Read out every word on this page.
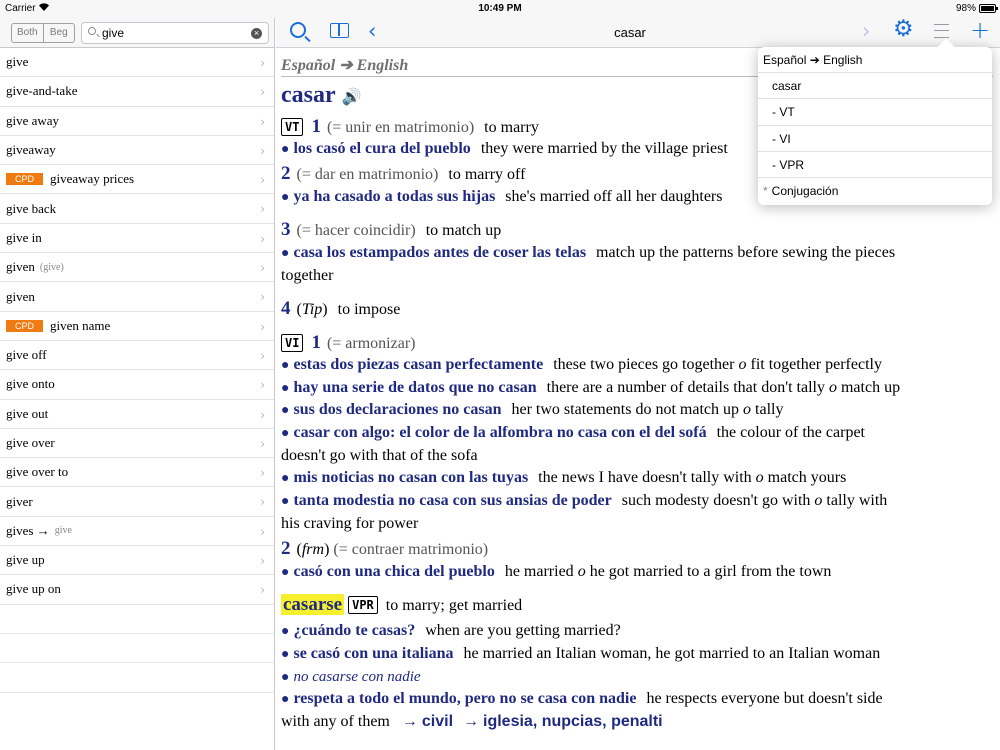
Carrier	10:49 PM	98%
Both	Beg
give	×
give	›
give-and-take	›
give away	›
giveaway	›
CPD	giveaway prices	›
give back	›
give in	›
given (give)	›
given	›
CPD	given name	›
give off	›
give onto	›
give out	›
give over	›
give over to	›
giver	›
gives → give	›
give up	›
give up on	›
‹	casar	› ⚙ +
Español ➔ English
casar 🔊
VT 1 (= unir en matrimonio) to marry
● los casó el cura del pueblo they were married by the village priest
2 (= dar en matrimonio) to marry off
● ya ha casado a todas sus hijas she's married off all her daughters
3 (= hacer coincidir) to match up
● casa los estampados antes de coser las telas match up the patterns before sewing the pieces
together
4 (Tip) to impose
VI 1 (= armonizar)
● estas dos piezas casan perfectamente these two pieces go together o fit together perfectly
● hay una serie de datos que no casan there are a number of details that don't tally o match up
● sus dos declaraciones no casan her two statements do not match up o tally
● casar con algo: el color de la alfombra no casa con el del sofá the colour of the carpet
doesn't go with that of the sofa
● mis noticias no casan con las tuyas the news I have doesn't tally with o match yours
● tanta modestia no casa con sus ansias de poder such modesty doesn't go with o tally with
his craving for power
2 (frm) (= contraer matrimonio)
● casó con una chica del pueblo he married o he got married to a girl from the town
casarse VPR to marry; get married
● ¿cuándo te casas? when are you getting married?
● se casó con una italiana he married an Italian woman, he got married to an Italian woman
● no casarse con nadie
● respeta a todo el mundo, pero no se casa con nadie he respects everyone but doesn't side
with any of them → civil → iglesia, nupcias, penalti
Español ➔ English
casar
- VT
- VI
- VPR
* Conjugación
